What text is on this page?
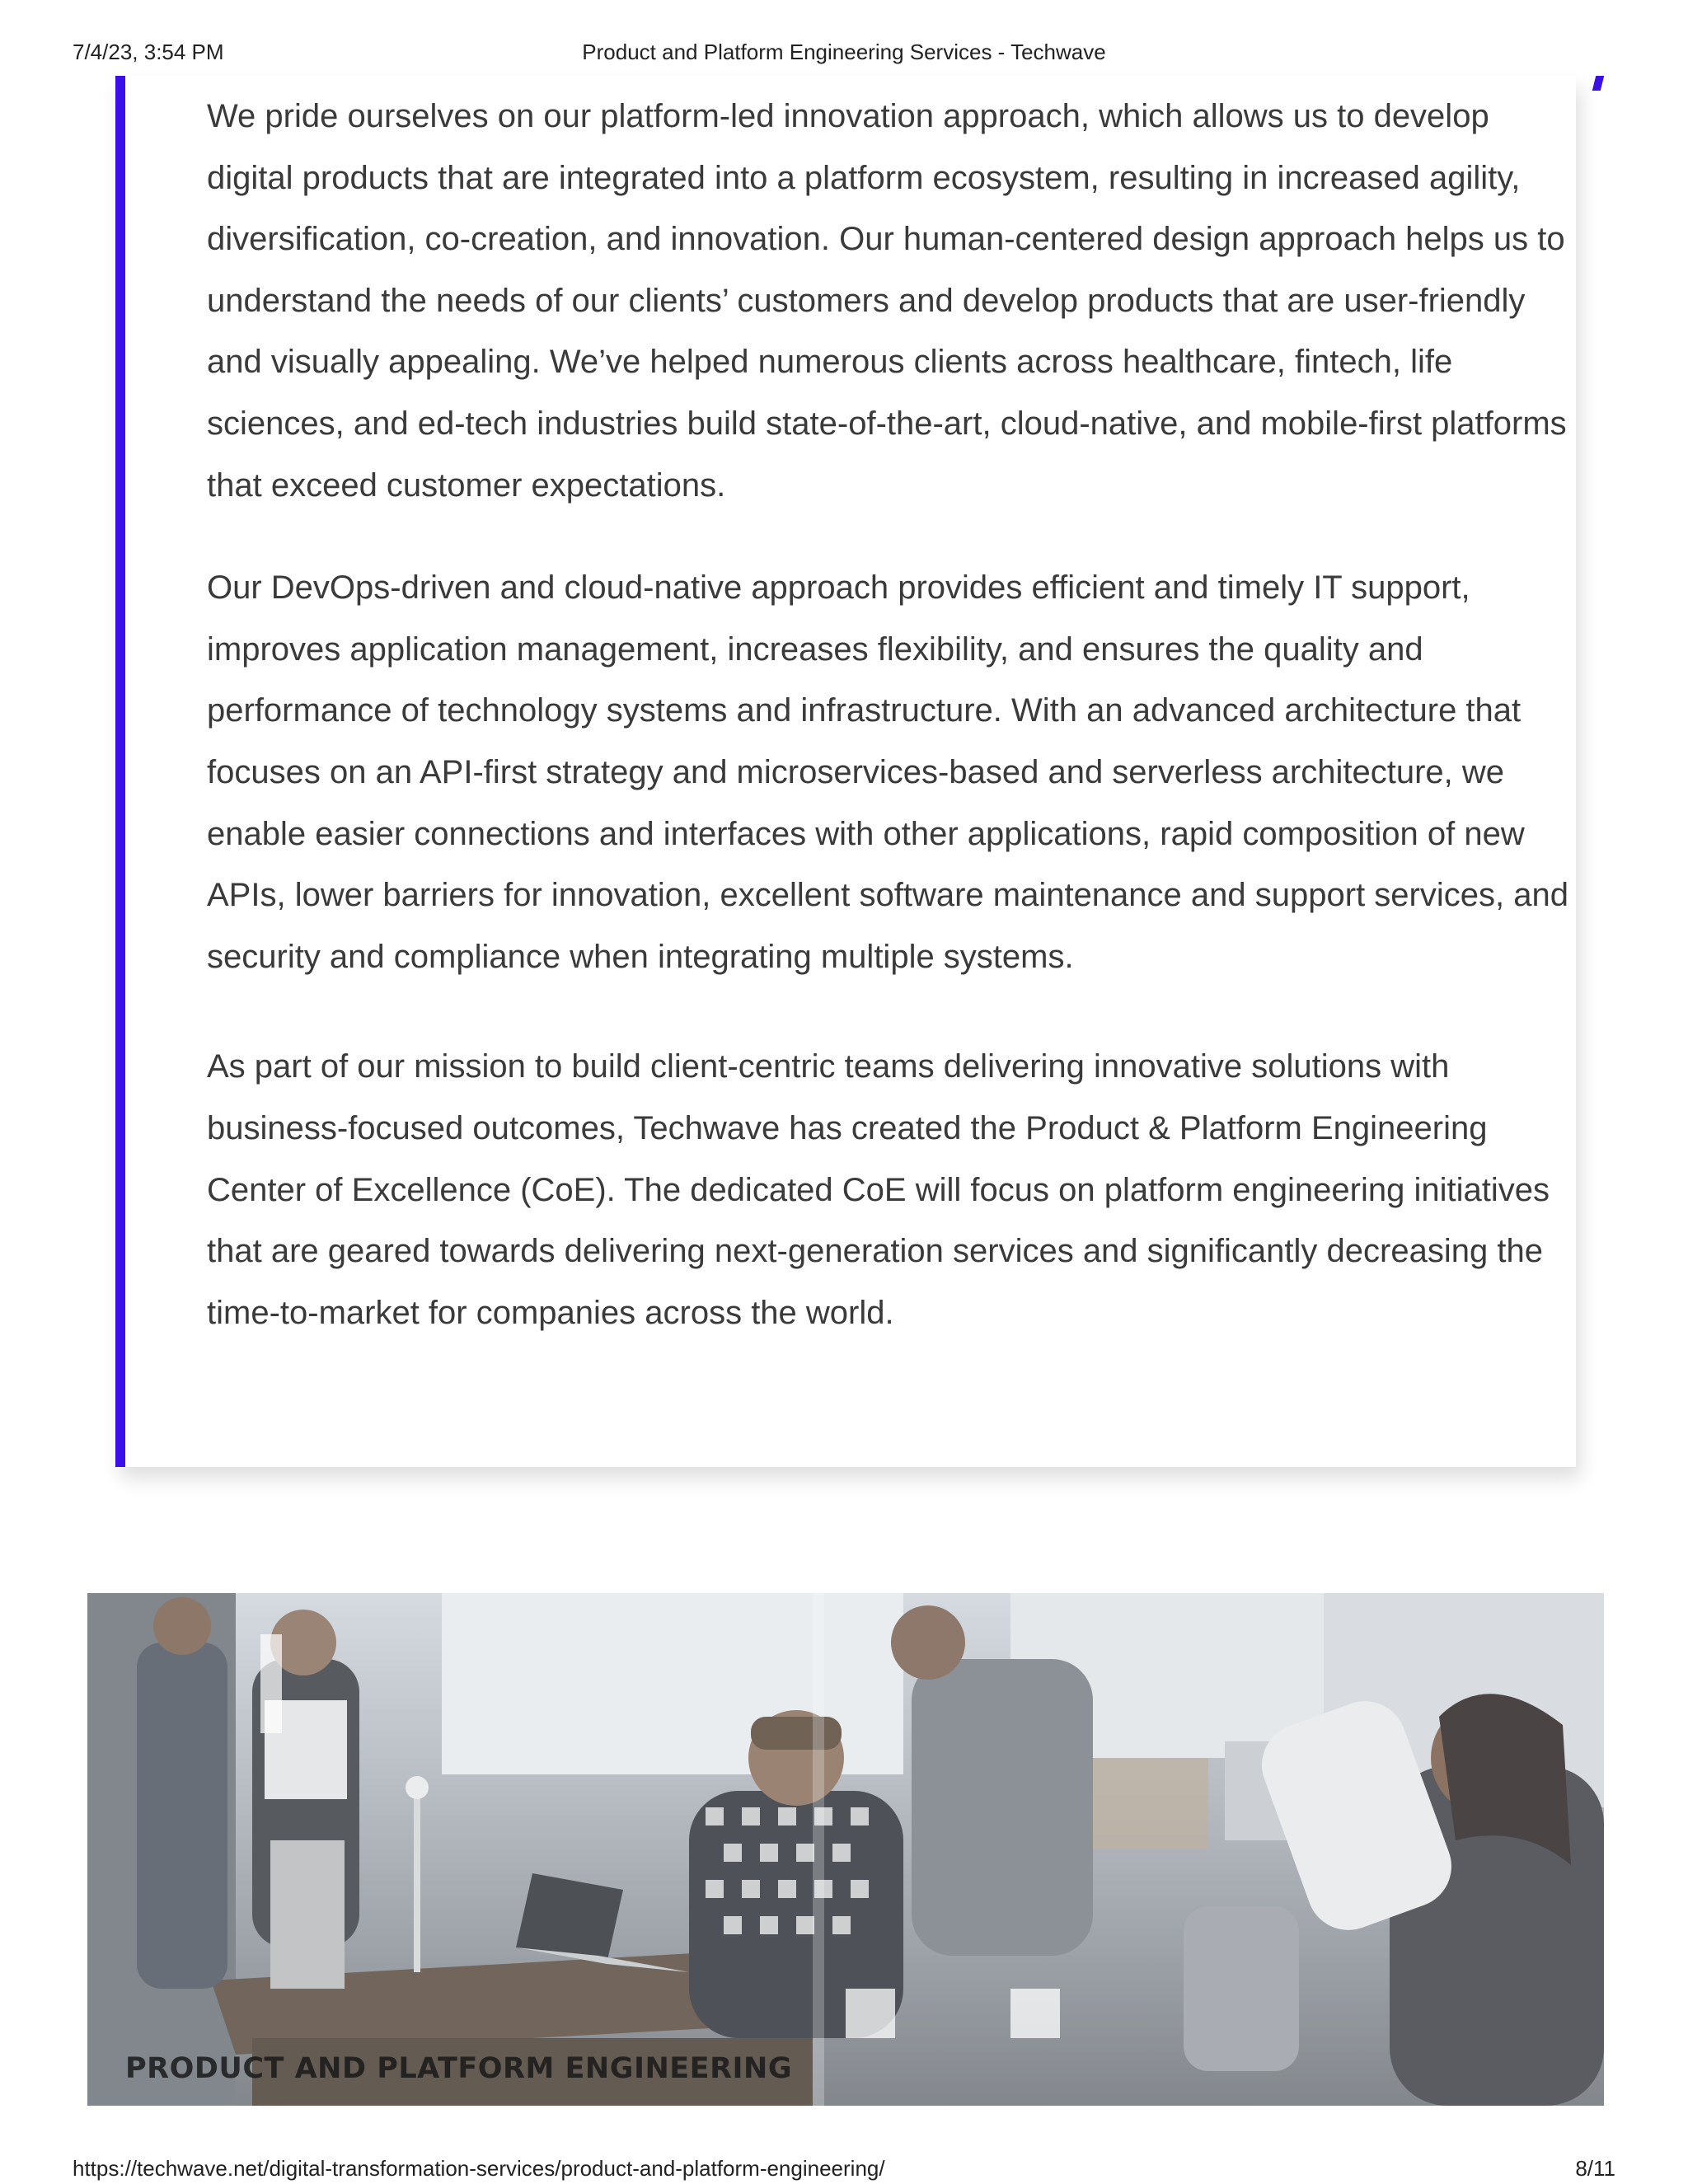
7/4/23, 3:54 PM	Product and Platform Engineering Services - Techwave

We pride ourselves on our platform-led innovation approach, which allows us to develop digital products that are integrated into a platform ecosystem, resulting in increased agility, diversification, co-creation, and innovation. Our human-centered design approach helps us to understand the needs of our clients’ customers and develop products that are user-friendly and visually appealing. We’ve helped numerous clients across healthcare, fintech, life sciences, and ed-tech industries build state-of-the-art, cloud-native, and mobile-first platforms that exceed customer expectations.

Our DevOps-driven and cloud-native approach provides efficient and timely IT support, improves application management, increases flexibility, and ensures the quality and performance of technology systems and infrastructure. With an advanced architecture that focuses on an API-first strategy and microservices-based and serverless architecture, we enable easier connections and interfaces with other applications, rapid composition of new APIs, lower barriers for innovation, excellent software maintenance and support services, and security and compliance when integrating multiple systems.

As part of our mission to build client-centric teams delivering innovative solutions with business-focused outcomes, Techwave has created the Product & Platform Engineering Center of Excellence (CoE). The dedicated CoE will focus on platform engineering initiatives that are geared towards delivering next-generation services and significantly decreasing the time-to-market for companies across the world.

PRODUCT AND PLATFORM ENGINEERING
https://techwave.net/digital-transformation-services/product-and-platform-engineering/	8/11
